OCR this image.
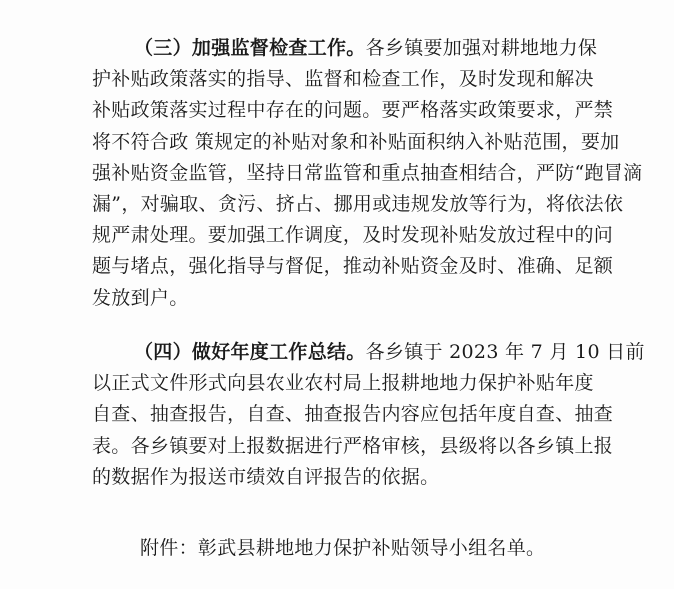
（三）加强监督检查工作。各乡镇要加强对耕地地力保
护补贴政策落实的指导、监督和检查工作，及时发现和解决
补贴政策落实过程中存在的问题。要严格落实政策要求，严禁
将不符合政 策规定的补贴对象和补贴面积纳入补贴范围，要加
强补贴资金监管，坚持日常监管和重点抽查相结合，严防“跑冒滴
漏”，对骗取、贪污、挤占、挪用或违规发放等行为，将依法依
规严肃处理。要加强工作调度，及时发现补贴发放过程中的问
题与堵点，强化指导与督促，推动补贴资金及时、准确、足额
发放到户。
（四）做好年度工作总结。各乡镇于 2023 年 7 月 10 日前
以正式文件形式向县农业农村局上报耕地地力保护补贴年度
自查、抽查报告，自查、抽查报告内容应包括年度自查、抽查
表。各乡镇要对上报数据进行严格审核，县级将以各乡镇上报
的数据作为报送市绩效自评报告的依据。
附件：彰武县耕地地力保护补贴领导小组名单。
